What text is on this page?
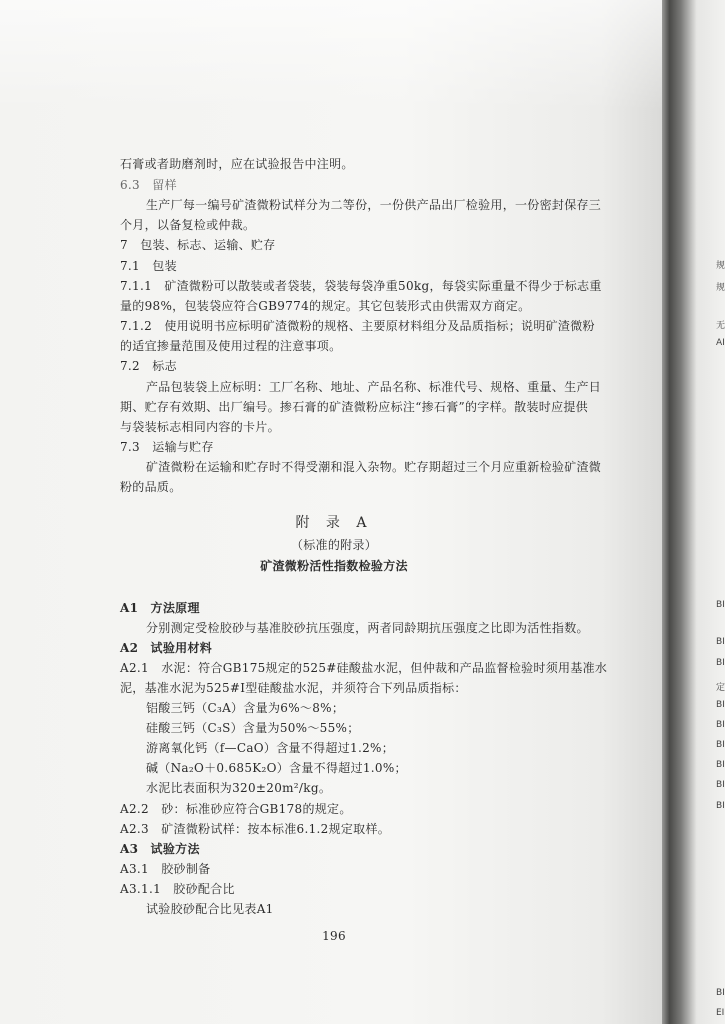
石膏或者助磨剂时，应在试验报告中注明。
6.3　留样
生产厂每一编号矿渣微粉试样分为二等份，一份供产品出厂检验用，一份密封保存三
个月，以备复检或仲裁。
7　包装、标志、运输、贮存
7.1　包装
7.1.1　矿渣微粉可以散装或者袋装，袋装每袋净重50kg，每袋实际重量不得少于标志重
量的98%，包装袋应符合GB9774的规定。其它包装形式由供需双方商定。
7.1.2　使用说明书应标明矿渣微粉的规格、主要原材料组分及品质指标；说明矿渣微粉
的适宜掺量范围及使用过程的注意事项。
7.2　标志
产品包装袋上应标明：工厂名称、地址、产品名称、标准代号、规格、重量、生产日
期、贮存有效期、出厂编号。掺石膏的矿渣微粉应标注“掺石膏”的字样。散装时应提供
与袋装标志相同内容的卡片。
7.3　运输与贮存
矿渣微粉在运输和贮存时不得受潮和混入杂物。贮存期超过三个月应重新检验矿渣微
粉的品质。
附 录 A
（标准的附录）
矿渣微粉活性指数检验方法
A1　方法原理
分别测定受检胶砂与基准胶砂抗压强度，两者同龄期抗压强度之比即为活性指数。
A2　试验用材料
A2.1　水泥：符合GB175规定的525#硅酸盐水泥，但仲裁和产品监督检验时须用基准水
泥，基准水泥为525#I型硅酸盐水泥，并须符合下列品质指标：
铝酸三钙（C₃A）含量为6%～8%；
硅酸三钙（C₃S）含量为50%～55%；
游离氧化钙（f—CaO）含量不得超过1.2%；
碱（Na₂O＋0.685K₂O）含量不得超过1.0%；
水泥比表面积为320±20m²/kg。
A2.2　砂：标准砂应符合GB178的规定。
A2.3　矿渣微粉试样：按本标准6.1.2规定取样。
A3　试验方法
A3.1　胶砂制备
A3.1.1　胶砂配合比
试验胶砂配合比见表A1
196
规
规
无
AI
BI
BI
BI
定
BI
BI
BI
BI
BI
BI
BI
EI
